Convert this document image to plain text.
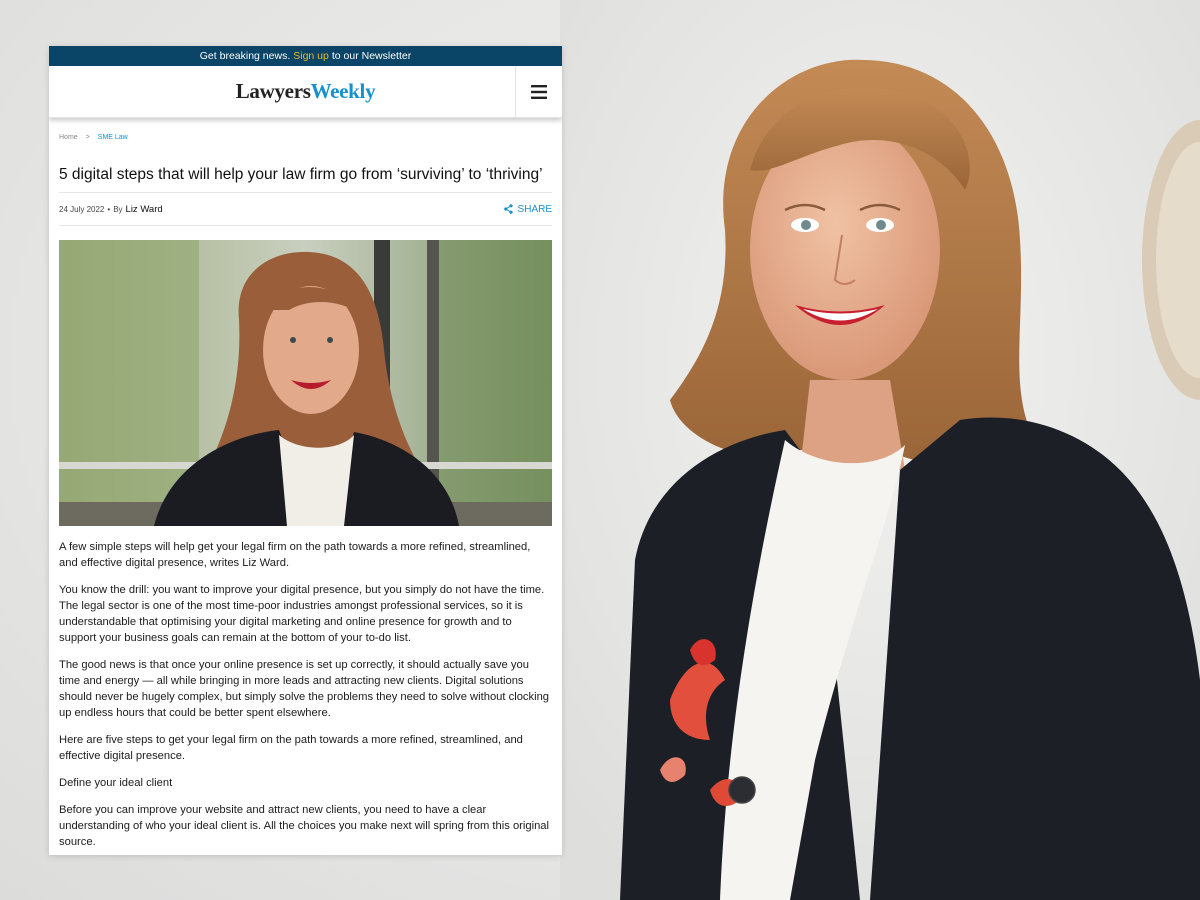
Get breaking news. Sign up to our Newsletter
LawyersWeekly
Home > SME Law
5 digital steps that will help your law firm go from ‘surviving’ to ‘thriving’
24 July 2022 • By Liz Ward	SHARE

A few simple steps will help get your legal firm on the path towards a more refined, streamlined, and effective digital presence, writes Liz Ward.

You know the drill: you want to improve your digital presence, but you simply do not have the time. The legal sector is one of the most time-poor industries amongst professional services, so it is understandable that optimising your digital marketing and online presence for growth and to support your business goals can remain at the bottom of your to-do list.

The good news is that once your online presence is set up correctly, it should actually save you time and energy — all while bringing in more leads and attracting new clients. Digital solutions should never be hugely complex, but simply solve the problems they need to solve without clocking up endless hours that could be better spent elsewhere.

Here are five steps to get your legal firm on the path towards a more refined, streamlined, and effective digital presence.

Define your ideal client

Before you can improve your website and attract new clients, you need to have a clear understanding of who your ideal client is. All the choices you make next will spring from this original source.
